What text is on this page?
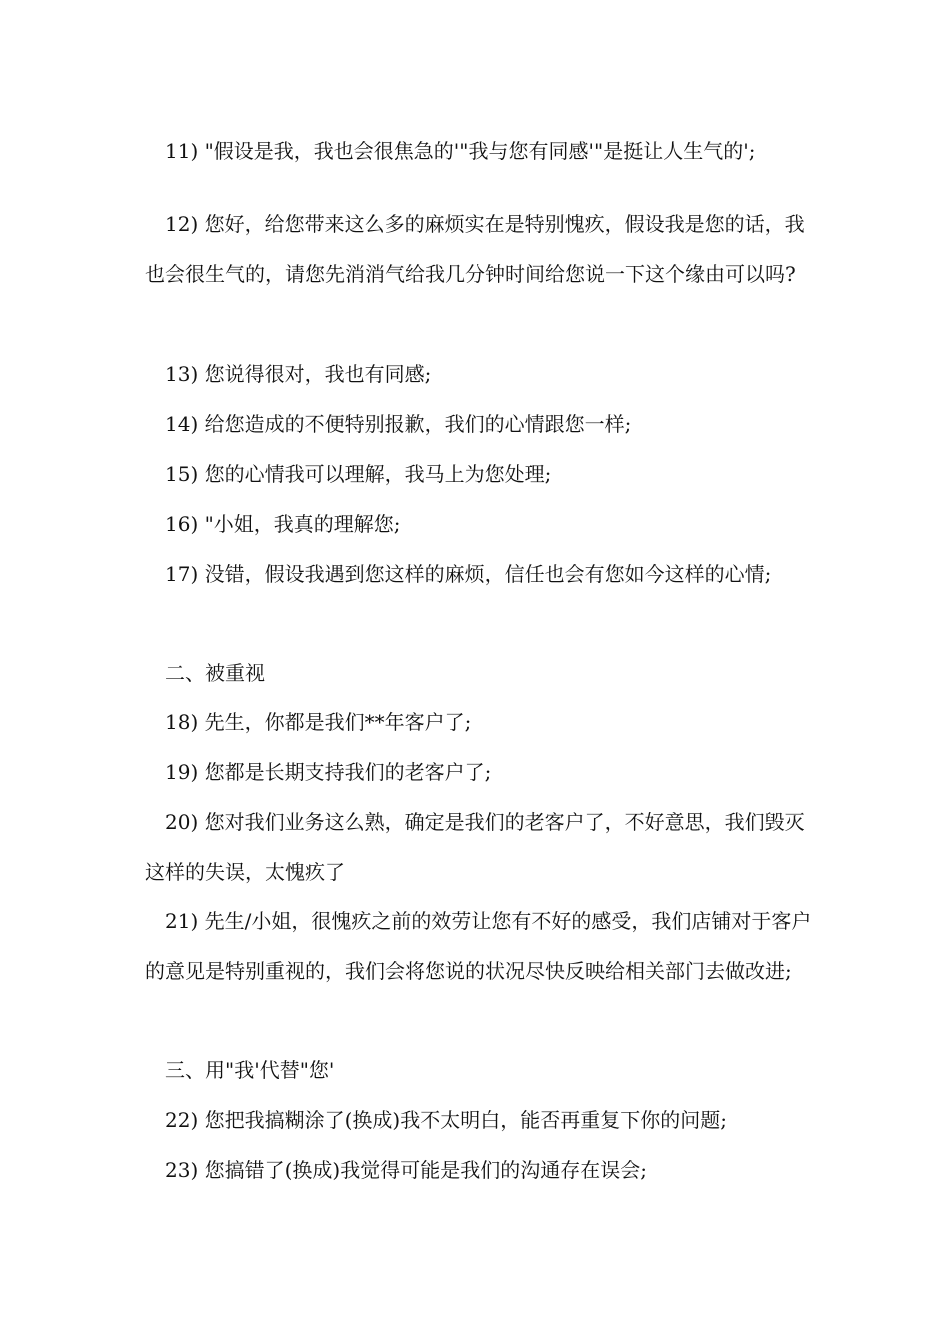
11) "假设是我，我也会很焦急的'"我与您有同感'"是挺让人生气的';

12) 您好，给您带来这么多的麻烦实在是特别愧疚，假设我是您的话，我也会很生气的，请您先消消气给我几分钟时间给您说一下这个缘由可以吗?

13) 您说得很对，我也有同感;

14) 给您造成的不便特别报歉，我们的心情跟您一样;

15) 您的心情我可以理解，我马上为您处理;

16) "小姐，我真的理解您;

17) 没错，假设我遇到您这样的麻烦，信任也会有您如今这样的心情;

二、被重视

18) 先生，你都是我们**年客户了;

19) 您都是长期支持我们的老客户了;

20) 您对我们业务这么熟，确定是我们的老客户了，不好意思，我们毁灭这样的失误，太愧疚了

21) 先生/小姐，很愧疚之前的效劳让您有不好的感受，我们店铺对于客户的意见是特别重视的，我们会将您说的状况尽快反映给相关部门去做改进;

三、用"我'代替"您'

22) 您把我搞糊涂了(换成)我不太明白，能否再重复下你的问题;

23) 您搞错了(换成)我觉得可能是我们的沟通存在误会;
